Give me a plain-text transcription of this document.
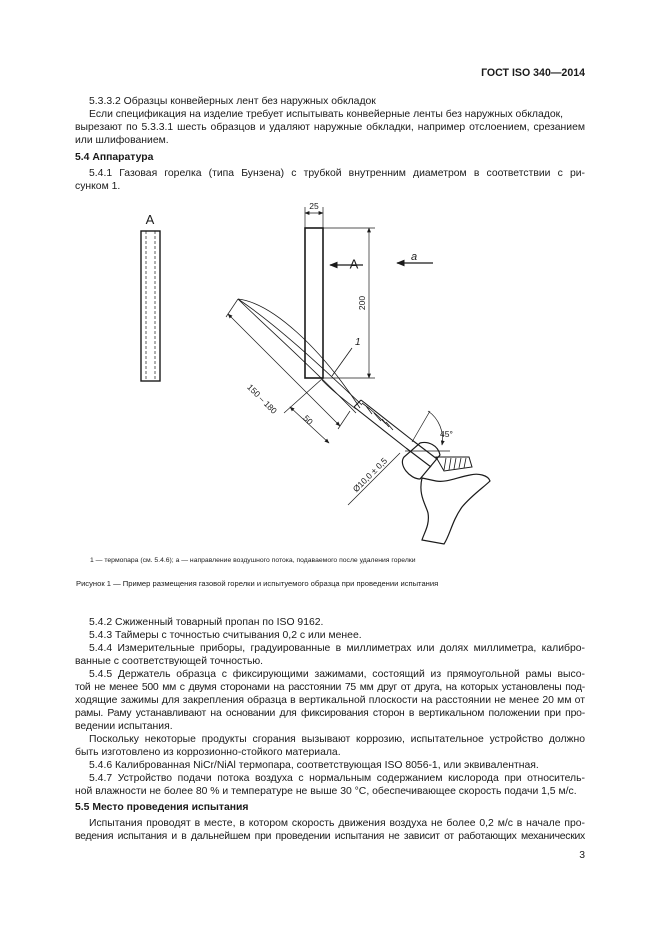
ГОСТ ISO 340—2014
5.3.3.2 Образцы конвейерных лент без наружных обкладок
Если спецификация на изделие требует испытывать конвейерные ленты без наружных обкладок,
вырезают по 5.3.3.1 шесть образцов и удаляют наружные обкладки, например отслоением, срезанием
или шлифованием.
5.4 Аппаратура
5.4.1 Газовая горелка (типа Бунзена) с трубкой внутренним диаметром в соответствии с ри-
сунком 1.
A
25
A	a
200
1
150 – 180
50
Ø10,0 ± 0,5
45°
1 — термопара (см. 5.4.6); a — направление воздушного потока, подаваемого после удаления горелки
Рисунок 1 — Пример размещения газовой горелки и испытуемого образца при проведении испытания
5.4.2 Сжиженный товарный пропан по ISO 9162.
5.4.3 Таймеры с точностью считывания 0,2 с или менее.
5.4.4 Измерительные приборы, градуированные в миллиметрах или долях миллиметра, калибро-
ванные с соответствующей точностью.
5.4.5 Держатель образца с фиксирующими зажимами, состоящий из прямоугольной рамы высо-
той не менее 500 мм с двумя сторонами на расстоянии 75 мм друг от друга, на которых установлены под-
ходящие зажимы для закрепления образца в вертикальной плоскости на расстоянии не менее 20 мм от
рамы. Раму устанавливают на основании для фиксирования сторон в вертикальном положении при про-
ведении испытания.
Поскольку некоторые продукты сгорания вызывают коррозию, испытательное устройство должно
быть изготовлено из коррозионно-стойкого материала.
5.4.6 Калиброванная NiCr/NiAl термопара, соответствующая ISO 8056-1, или эквивалентная.
5.4.7 Устройство подачи потока воздуха с нормальным содержанием кислорода при относитель-
ной влажности не более 80 % и температуре не выше 30 °C, обеспечивающее скорость подачи 1,5 м/с.
5.5 Место проведения испытания
Испытания проводят в месте, в котором скорость движения воздуха не более 0,2 м/с в начале про-
ведения испытания и в дальнейшем при проведении испытания не зависит от работающих механических
3
